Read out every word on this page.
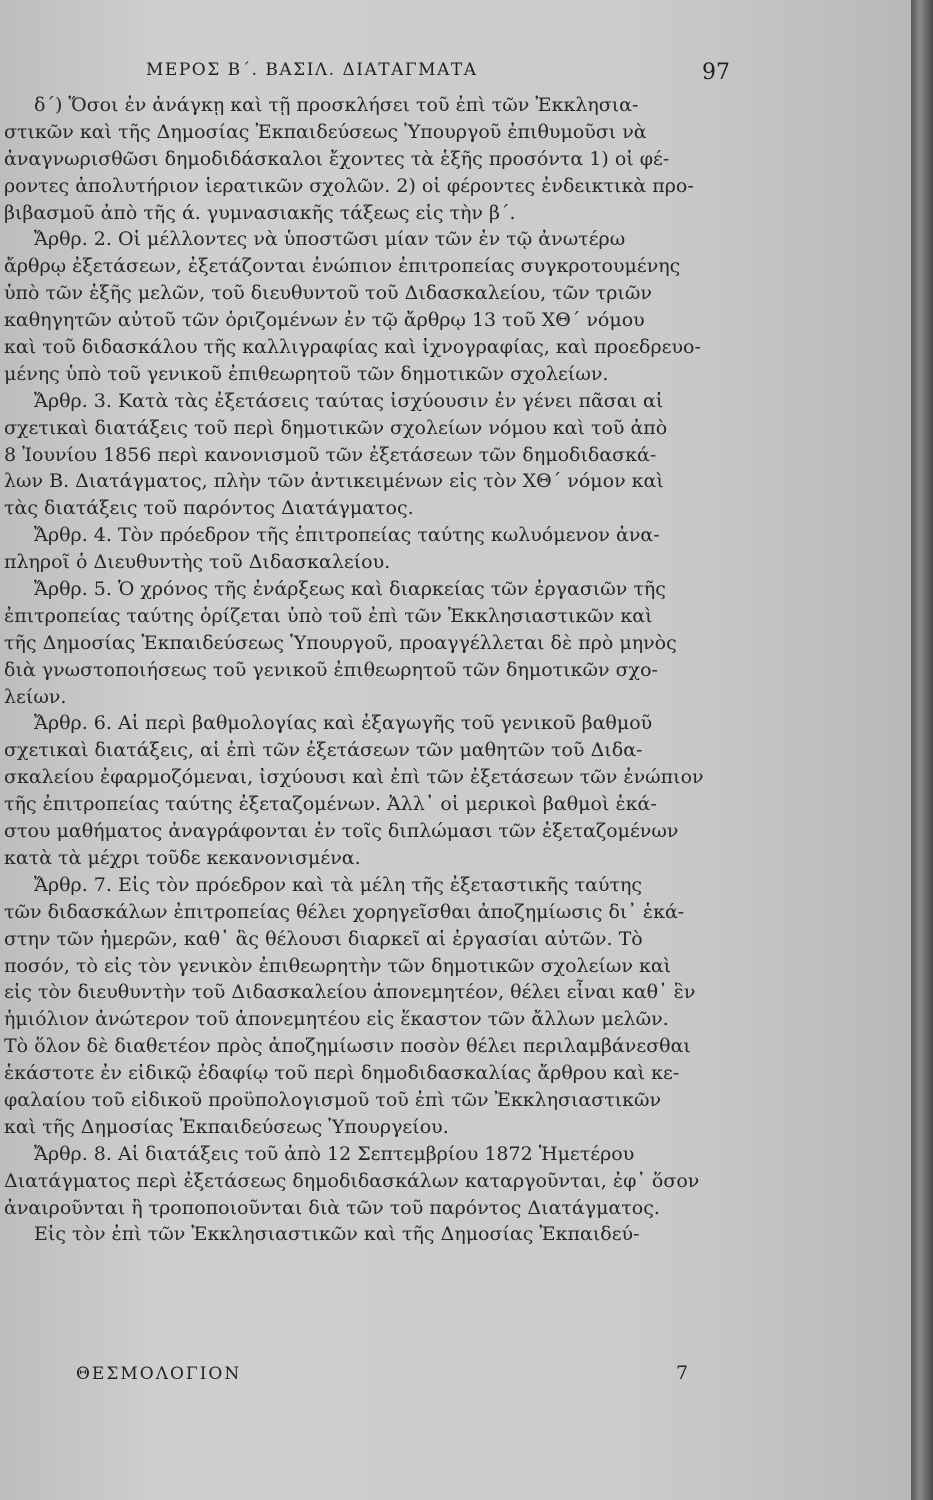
ΜΕΡΟΣ Β΄. ΒΑΣΙΛ. ΔΙΑΤΑΓΜΑΤΑ	97
δ΄) Ὅσοι ἐν ἀνάγκῃ καὶ τῇ προσκλήσει τοῦ ἐπὶ τῶν Ἐκκλησια-
στικῶν καὶ τῆς Δημοσίας Ἐκπαιδεύσεως Ὑπουργοῦ ἐπιθυμοῦσι νὰ
ἀναγνωρισθῶσι δημοδιδάσκαλοι ἔχοντες τὰ ἑξῆς προσόντα 1) οἱ φέ-
ροντες ἀπολυτήριον ἱερατικῶν σχολῶν. 2) οἱ φέροντες ἐνδεικτικὰ προ-
βιβασμοῦ ἀπὸ τῆς ά. γυμνασιακῆς τάξεως εἰς τὴν β΄.
Ἄρθρ. 2. Οἱ μέλλοντες νὰ ὑποστῶσι μίαν τῶν ἐν τῷ ἀνωτέρω
ἄρθρῳ ἐξετάσεων, ἐξετάζονται ἐνώπιον ἐπιτροπείας συγκροτουμένης
ὑπὸ τῶν ἑξῆς μελῶν, τοῦ διευθυντοῦ τοῦ Διδασκαλείου, τῶν τριῶν
καθηγητῶν αὐτοῦ τῶν ὁριζομένων ἐν τῷ ἄρθρῳ 13 τοῦ ΧΘ΄ νόμου
καὶ τοῦ διδασκάλου τῆς καλλιγραφίας καὶ ἰχνογραφίας, καὶ προεδρευο-
μένης ὑπὸ τοῦ γενικοῦ ἐπιθεωρητοῦ τῶν δημοτικῶν σχολείων.
Ἄρθρ. 3. Κατὰ τὰς ἐξετάσεις ταύτας ἰσχύουσιν ἐν γένει πᾶσαι αἱ
σχετικαὶ διατάξεις τοῦ περὶ δημοτικῶν σχολείων νόμου καὶ τοῦ ἀπὸ
8 Ἰουνίου 1856 περὶ κανονισμοῦ τῶν ἐξετάσεων τῶν δημοδιδασκά-
λων Β. Διατάγματος, πλὴν τῶν ἀντικειμένων εἰς τὸν ΧΘ΄ νόμον καὶ
τὰς διατάξεις τοῦ παρόντος Διατάγματος.
Ἄρθρ. 4. Τὸν πρόεδρον τῆς ἐπιτροπείας ταύτης κωλυόμενον ἀνα-
πληροῖ ὁ Διευθυντὴς τοῦ Διδασκαλείου.
Ἄρθρ. 5. Ὁ χρόνος τῆς ἐνάρξεως καὶ διαρκείας τῶν ἐργασιῶν τῆς
ἐπιτροπείας ταύτης ὁρίζεται ὑπὸ τοῦ ἐπὶ τῶν Ἐκκλησιαστικῶν καὶ
τῆς Δημοσίας Ἐκπαιδεύσεως Ὑπουργοῦ, προαγγέλλεται δὲ πρὸ μηνὸς
διὰ γνωστοποιήσεως τοῦ γενικοῦ ἐπιθεωρητοῦ τῶν δημοτικῶν σχο-
λείων.
Ἄρθρ. 6. Αἱ περὶ βαθμολογίας καὶ ἐξαγωγῆς τοῦ γενικοῦ βαθμοῦ
σχετικαὶ διατάξεις, αἱ ἐπὶ τῶν ἐξετάσεων τῶν μαθητῶν τοῦ Διδα-
σκαλείου ἐφαρμοζόμεναι, ἰσχύουσι καὶ ἐπὶ τῶν ἐξετάσεων τῶν ἐνώπιον
τῆς ἐπιτροπείας ταύτης ἐξεταζομένων. Ἀλλ᾽ οἱ μερικοὶ βαθμοὶ ἑκά-
στου μαθήματος ἀναγράφονται ἐν τοῖς διπλώμασι τῶν ἐξεταζομένων
κατὰ τὰ μέχρι τοῦδε κεκανονισμένα.
Ἄρθρ. 7. Εἰς τὸν πρόεδρον καὶ τὰ μέλη τῆς ἐξεταστικῆς ταύτης
τῶν διδασκάλων ἐπιτροπείας θέλει χορηγεῖσθαι ἀποζημίωσις δι᾽ ἑκά-
στην τῶν ἡμερῶν, καθ᾽ ἃς θέλουσι διαρκεῖ αἱ ἐργασίαι αὐτῶν. Τὸ
ποσόν, τὸ εἰς τὸν γενικὸν ἐπιθεωρητὴν τῶν δημοτικῶν σχολείων καὶ
εἰς τὸν διευθυντὴν τοῦ Διδασκαλείου ἀπονεμητέον, θέλει εἶναι καθ᾽ ἓν
ἡμιόλιον ἀνώτερον τοῦ ἀπονεμητέου εἰς ἕκαστον τῶν ἄλλων μελῶν.
Τὸ ὅλον δὲ διαθετέον πρὸς ἀποζημίωσιν ποσὸν θέλει περιλαμβάνεσθαι
ἑκάστοτε ἐν εἰδικῷ ἐδαφίῳ τοῦ περὶ δημοδιδασκαλίας ἄρθρου καὶ κε-
φαλαίου τοῦ εἰδικοῦ προϋπολογισμοῦ τοῦ ἐπὶ τῶν Ἐκκλησιαστικῶν
καὶ τῆς Δημοσίας Ἐκπαιδεύσεως Ὑπουργείου.
Ἄρθρ. 8. Αἱ διατάξεις τοῦ ἀπὸ 12 Σεπτεμβρίου 1872 Ἡμετέρου
Διατάγματος περὶ ἐξετάσεως δημοδιδασκάλων καταργοῦνται, ἐφ᾽ ὅσον
ἀναιροῦνται ἢ τροποποιοῦνται διὰ τῶν τοῦ παρόντος Διατάγματος.
Εἰς τὸν ἐπὶ τῶν Ἐκκλησιαστικῶν καὶ τῆς Δημοσίας Ἐκπαιδεύ-
ΘΕΣΜΟΛΟΓΙΟΝ	7
